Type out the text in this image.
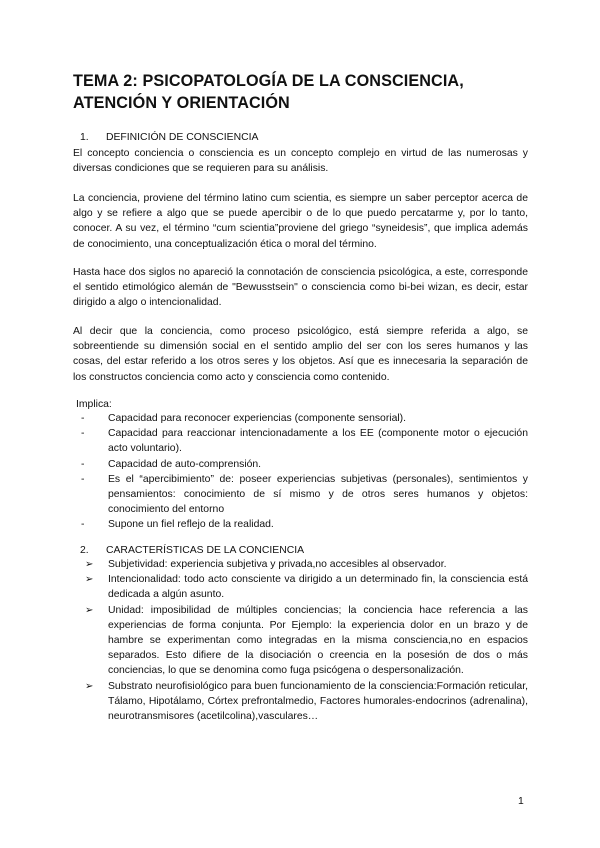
TEMA 2: PSICOPATOLOGÍA DE LA CONSCIENCIA, ATENCIÓN Y ORIENTACIÓN
1. DEFINICIÓN DE CONSCIENCIA
El concepto conciencia o consciencia es un concepto complejo en virtud de las numerosas y diversas condiciones que se requieren para su análisis.
La conciencia, proviene del término latino cum scientia, es siempre un saber perceptor acerca de algo y se refiere a algo que se puede apercibir o de lo que puedo percatarme y, por lo tanto, conocer. A su vez, el término “cum scientia”proviene del griego “syneidesis”, que implica además de conocimiento, una conceptualización ética o moral del término.
Hasta hace dos siglos no apareció la connotación de consciencia psicológica, a este, corresponde el sentido etimológico alemán de "Bewusstsein" o consciencia como bi-bei wizan, es decir, estar dirigido a algo o intencionalidad.
Al decir que la conciencia, como proceso psicológico, está siempre referida a algo, se sobreentiende su dimensión social en el sentido amplio del ser con los seres humanos y las cosas, del estar referido a los otros seres y los objetos. Así que es innecesaria la separación de los constructos conciencia como acto y consciencia como contenido.
Implica:
- Capacidad para reconocer experiencias (componente sensorial).
- Capacidad para reaccionar intencionadamente a los EE (componente motor o ejecución acto voluntario).
- Capacidad de auto-comprensión.
- Es el “apercibimiento” de: poseer experiencias subjetivas (personales), sentimientos y pensamientos: conocimiento de sí mismo y de otros seres humanos y objetos: conocimiento del entorno
- Supone un fiel reflejo de la realidad.
2. CARACTERÍSTICAS DE LA CONCIENCIA
➢ Subjetividad: experiencia subjetiva y privada,no accesibles al observador.
➢ Intencionalidad: todo acto consciente va dirigido a un determinado fin, la consciencia está dedicada a algún asunto.
➢ Unidad: imposibilidad de múltiples conciencias; la conciencia hace referencia a las experiencias de forma conjunta. Por Ejemplo: la experiencia dolor en un brazo y de hambre se experimentan como integradas en la misma consciencia,no en espacios separados. Esto difiere de la disociación o creencia en la posesión de dos o más conciencias, lo que se denomina como fuga psicógena o despersonalización.
➢ Substrato neurofisiológico para buen funcionamiento de la consciencia:Formación reticular, Tálamo, Hipotálamo, Córtex prefrontalmedio, Factores humorales-endocrinos (adrenalina), neurotransmisores (acetilcolina),vasculares…
1
